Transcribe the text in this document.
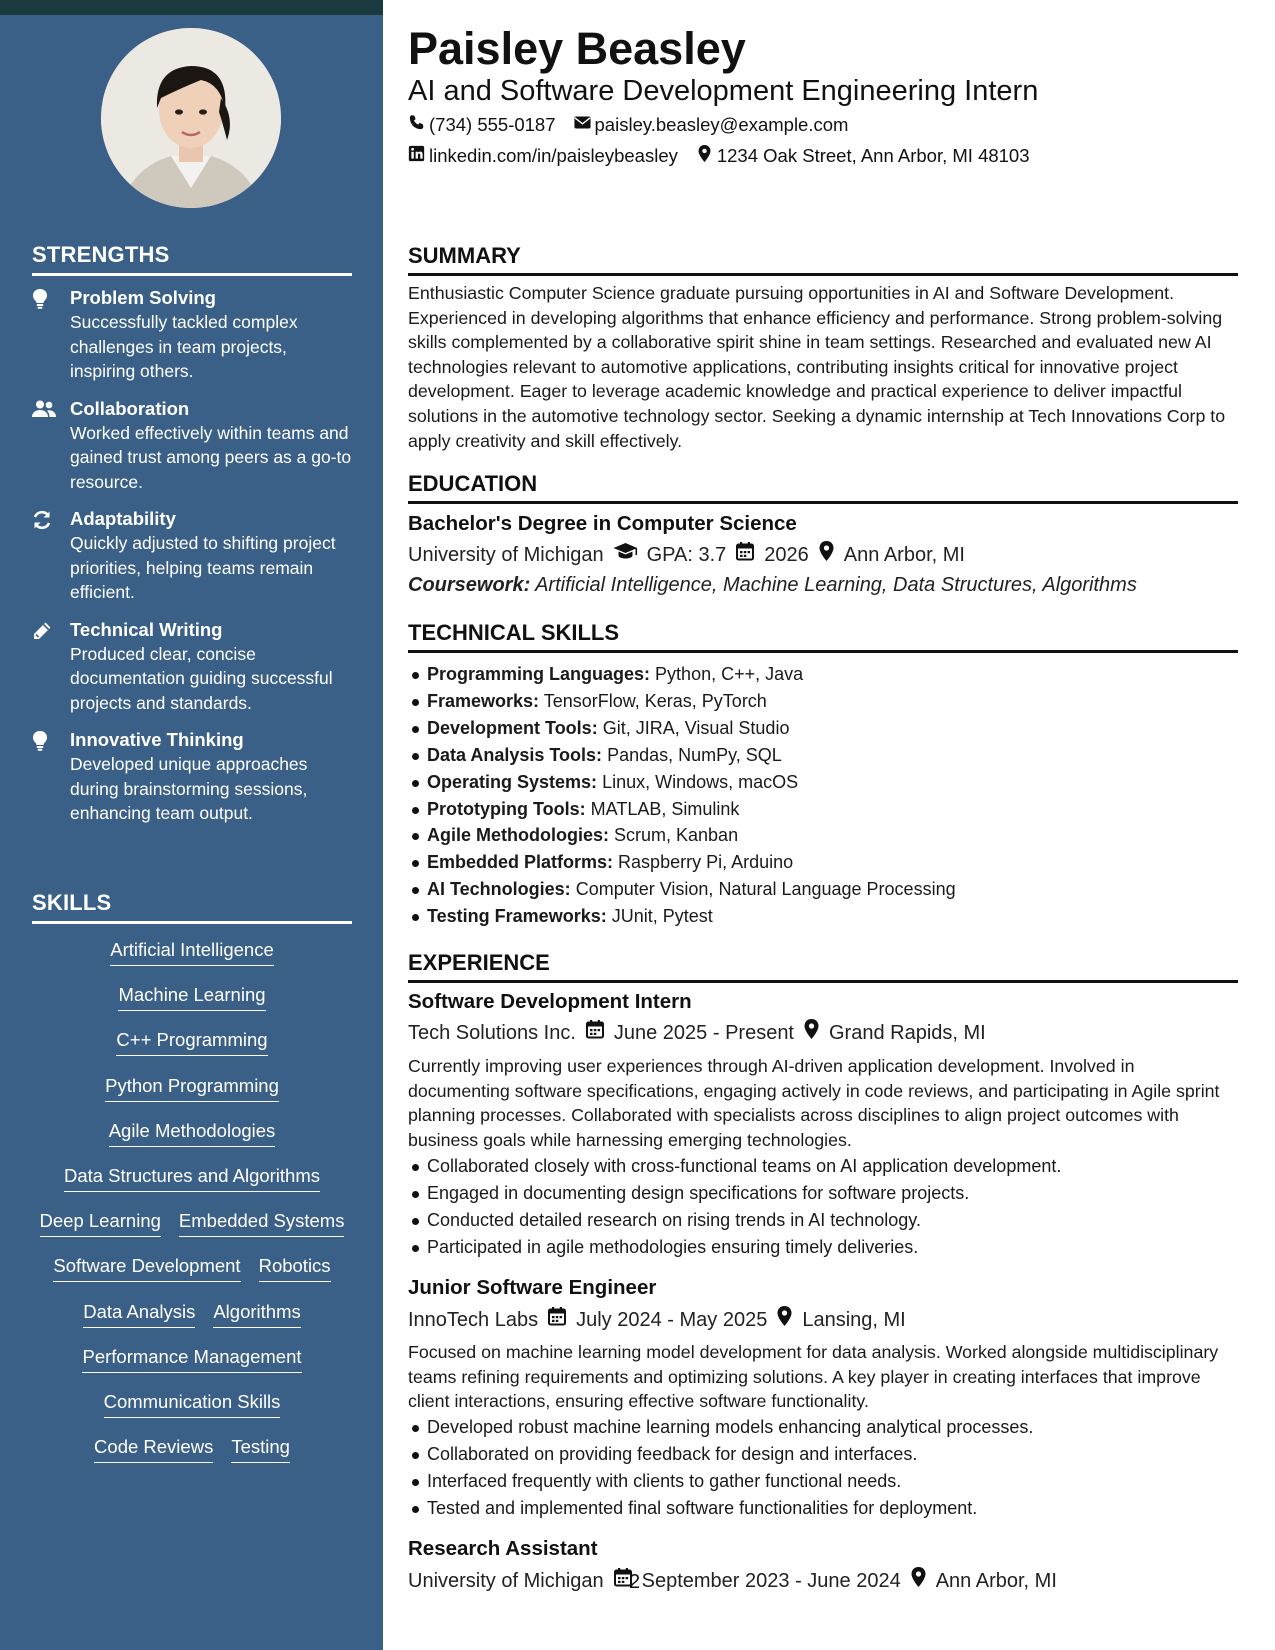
STRENGTHS
Problem Solving
Successfully tackled complex challenges in team projects, inspiring others.
Collaboration
Worked effectively within teams and gained trust among peers as a go-to resource.
Adaptability
Quickly adjusted to shifting project priorities, helping teams remain efficient.
Technical Writing
Produced clear, concise documentation guiding successful projects and standards.
Innovative Thinking
Developed unique approaches during brainstorming sessions, enhancing team output.
SKILLS
Artificial Intelligence
Machine Learning
C++ Programming
Python Programming
Agile Methodologies
Data Structures and Algorithms
Deep Learning Embedded Systems
Software Development Robotics
Data Analysis Algorithms
Performance Management
Communication Skills
Code Reviews Testing
Paisley Beasley
AI and Software Development Engineering Intern
(734) 555-0187 paisley.beasley@example.com
linkedin.com/in/paisleybeasley 1234 Oak Street, Ann Arbor, MI 48103
SUMMARY
Enthusiastic Computer Science graduate pursuing opportunities in AI and Software Development. Experienced in developing algorithms that enhance efficiency and performance. Strong problem-solving skills complemented by a collaborative spirit shine in team settings. Researched and evaluated new AI technologies relevant to automotive applications, contributing insights critical for innovative project development. Eager to leverage academic knowledge and practical experience to deliver impactful solutions in the automotive technology sector. Seeking a dynamic internship at Tech Innovations Corp to apply creativity and skill effectively.
EDUCATION
Bachelor's Degree in Computer Science
University of Michigan GPA: 3.7 2026 Ann Arbor, MI
Coursework: Artificial Intelligence, Machine Learning, Data Structures, Algorithms
TECHNICAL SKILLS
Programming Languages: Python, C++, Java
Frameworks: TensorFlow, Keras, PyTorch
Development Tools: Git, JIRA, Visual Studio
Data Analysis Tools: Pandas, NumPy, SQL
Operating Systems: Linux, Windows, macOS
Prototyping Tools: MATLAB, Simulink
Agile Methodologies: Scrum, Kanban
Embedded Platforms: Raspberry Pi, Arduino
AI Technologies: Computer Vision, Natural Language Processing
Testing Frameworks: JUnit, Pytest
EXPERIENCE
Software Development Intern
Tech Solutions Inc. June 2025 - Present Grand Rapids, MI
Currently improving user experiences through AI-driven application development. Involved in documenting software specifications, engaging actively in code reviews, and participating in Agile sprint planning processes. Collaborated with specialists across disciplines to align project outcomes with business goals while harnessing emerging technologies.
Collaborated closely with cross-functional teams on AI application development.
Engaged in documenting design specifications for software projects.
Conducted detailed research on rising trends in AI technology.
Participated in agile methodologies ensuring timely deliveries.
Junior Software Engineer
InnoTech Labs July 2024 - May 2025 Lansing, MI
Focused on machine learning model development for data analysis. Worked alongside multidisciplinary teams refining requirements and optimizing solutions. A key player in creating interfaces that improve client interactions, ensuring effective software functionality.
Developed robust machine learning models enhancing analytical processes.
Collaborated on providing feedback for design and interfaces.
Interfaced frequently with clients to gather functional needs.
Tested and implemented final software functionalities for deployment.
Research Assistant
University of Michigan September 2023 - June 2024 Ann Arbor, MI
2
